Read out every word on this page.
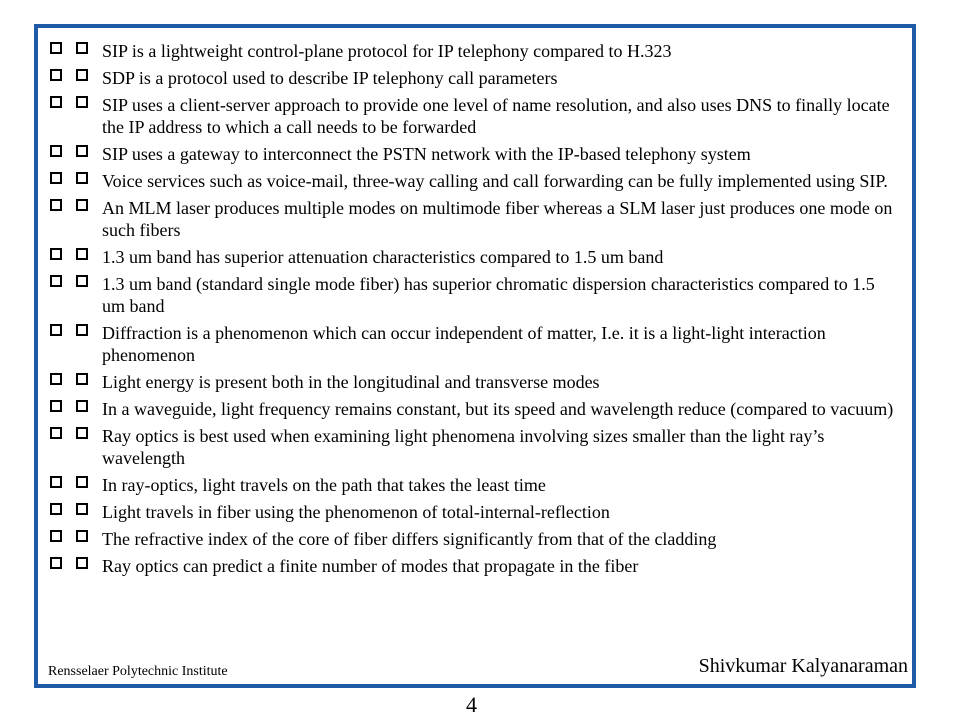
SIP is a lightweight control-plane protocol for IP telephony compared to H.323
SDP is a protocol used to describe IP telephony call parameters
SIP uses a client-server approach to provide one level of name resolution, and also uses DNS to finally locate the IP address to which a call needs to be forwarded
SIP uses a gateway to interconnect the PSTN network with the IP-based telephony system
Voice services such as voice-mail, three-way calling and call forwarding can be fully implemented using SIP.
An MLM laser produces multiple modes on multimode fiber whereas a SLM laser just produces one mode on such fibers
1.3 um band has superior attenuation characteristics compared to 1.5 um band
1.3 um band (standard single mode fiber) has superior chromatic dispersion characteristics compared to 1.5 um band
Diffraction is a phenomenon which can occur independent of matter, I.e. it is a light-light interaction phenomenon
Light energy is present both in the longitudinal and transverse modes
In a waveguide, light frequency remains constant, but its speed and wavelength reduce (compared to vacuum)
Ray optics is best used when examining light phenomena involving sizes smaller than the light ray’s wavelength
In ray-optics, light travels on the path that takes the least time
Light travels in fiber using the phenomenon of total-internal-reflection
The refractive index of the core of fiber differs significantly from that of the cladding
Ray optics can predict a finite number of modes that propagate in the fiber
Rensselaer Polytechnic Institute	Shivkumar Kalyanaraman
4
